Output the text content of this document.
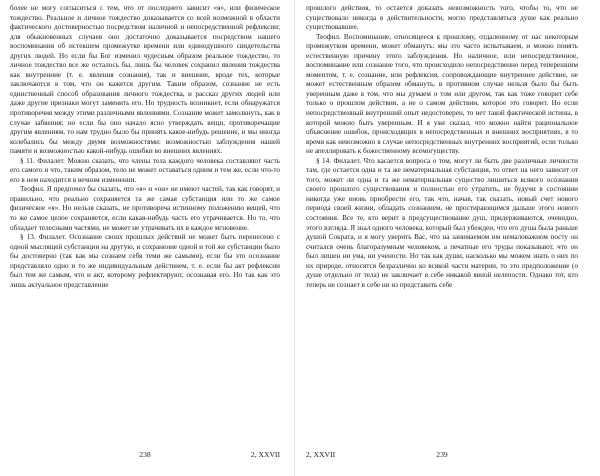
более не могу согласиться с тем, что от последнего зависит «я», или физическое тождество. Реальное и личное тождество доказывается со всей возможной в области фактического достоверностью посредством наличной и непосредственной рефлексии; для обыкновенных случаев оно достаточно доказывается посредством нашего воспоминания об истекшем промежутке времени или единодушного свидетельства других людей. Но если бы Бог изменил чудесным образом реальное тождество, то личное тождество все же осталось бы, лишь бы человек сохранил явления тождества как внутренние (т. е. явления сознания), так и внешние, вроде тех, которые заключаются в том, что он кажется другим. Таким образом, сознание не есть единственный способ образования личного тождества, и рассказ других людей или даже другие признаки могут заменить его. Но трудность возникнет, если обнаружатся противоречия между этими различными явлениями. Сознание может замолкнуть, как в случае забвения; но если бы оно начало ясно утверждать вещи, противоречащие другим явлениям, то нам трудно было бы принять какое-нибудь решение, и мы иногда колебались бы между двумя возможностями: возможностью заблуждения нашей памяти и возможностью какой-нибудь ошибки во внешних явлениях.

§ 11. Филалет. Можно сказать, что члены тела каждого человека составляют часть его самого и что, таким образом, тело не может оставаться одним и тем же, если что-то его в нем находится в вечном изменении.

Теофил. Я предпочел бы сказать, что «я» и «он» не имеют частей, так как говорят, и правильно, что реально сохраняется та же самая субстанция или то же самое физическое «я». Но нельзя сказать, не противореча истинному положению вещей, что то же самое целое сохраняется, если какая-нибудь часть его утрачивается. Но то, что обладает телесными частями, не может не утрачивать их в каждое мгновение.

§ 13. Филалет. Осознание своих прошлых действий не может быть перенесено с одной мыслящей субстанции на другую, и сохранение одной и той же субстанции было бы достоверно (так как мы сознаем себя теми же самыми), если бы это осознание представляло одно и то же индивидуальным действием, т. е. если бы акт рефлексии был тем же самым, что и акт, которому рефлектируют, осознавая его. Но так как это лишь актуальное представление

238	2, XXVII

прошлого действия, то остается доказать невозможность того, чтобы то, что не существовало никогда в действительности, могло представляться душе как реально существовавшее.

Теофил. Воспоминание, относящееся к прошлому, отдаленному от нас некоторым промежутком времени, может обмануть: мы это часто испытываем, и можно понять естественную причину этого заблуждения. Но наличное, или непосредственное, воспоминание или сознание того, что происходило непосредственно перед теперешним моментом, т. е. сознание, или рефлексия, сопровождающие внутреннее действие, не может естественным образом обмануть, в противном случае нельзя было бы быть уверенным даже в том, что мы думаем о том или другом, так как тоже говорит себе только о прошлом действии, а не о самом действии, которое это говорит. Но если непосредственный внутренний опыт недостоверен, то нет такой фактической истины, в которой можно быть уверенным. И я уже сказал, что можно найти рациональное объяснение ошибок, происходящих в непосредственных и внешних восприятиях, в то время как невозможно в случае непосредственных внутренних восприятий, если только не апеллировать к божественному всемогуществу.

§ 14. Филалет. Что касается вопроса о том, могут ли быть две различные личности там, где остается одна и та же нематериальная субстанция, то ответ на него зависит от того, может ли одна и та же нематериальная существо лишиться всякого осознания своего прошлого существования и полностью его утратить, не будучи в состоянии никогда уже вновь приобрести его, так что, начав, так сказать, новый счет нового периода своей жизни, обладать сознанием, не простирающимся дальше этого нового состояния. Все те, кто верит в предсуществование душ, придерживаются, очевидно, этого взгляда. Я знал одного человека, который был убежден, что его душа была раньше душой Сократа, и я могу уверить Вас, что на занимаемом им немаловажном посту он считался очень благоразумным человеком, а печатные его труды показывают, что он был лишен ни ума, ни учености. Но так как души, насколько мы можем знать о них по их природе, относятся безразлично ко всякой части материи, то это предположение (о душе отдельно от тела) не заключает в себе никакой явной нелепости. Однако тот, кто теперь не сознает в себе ни из представить себе

2, XXVII	239
